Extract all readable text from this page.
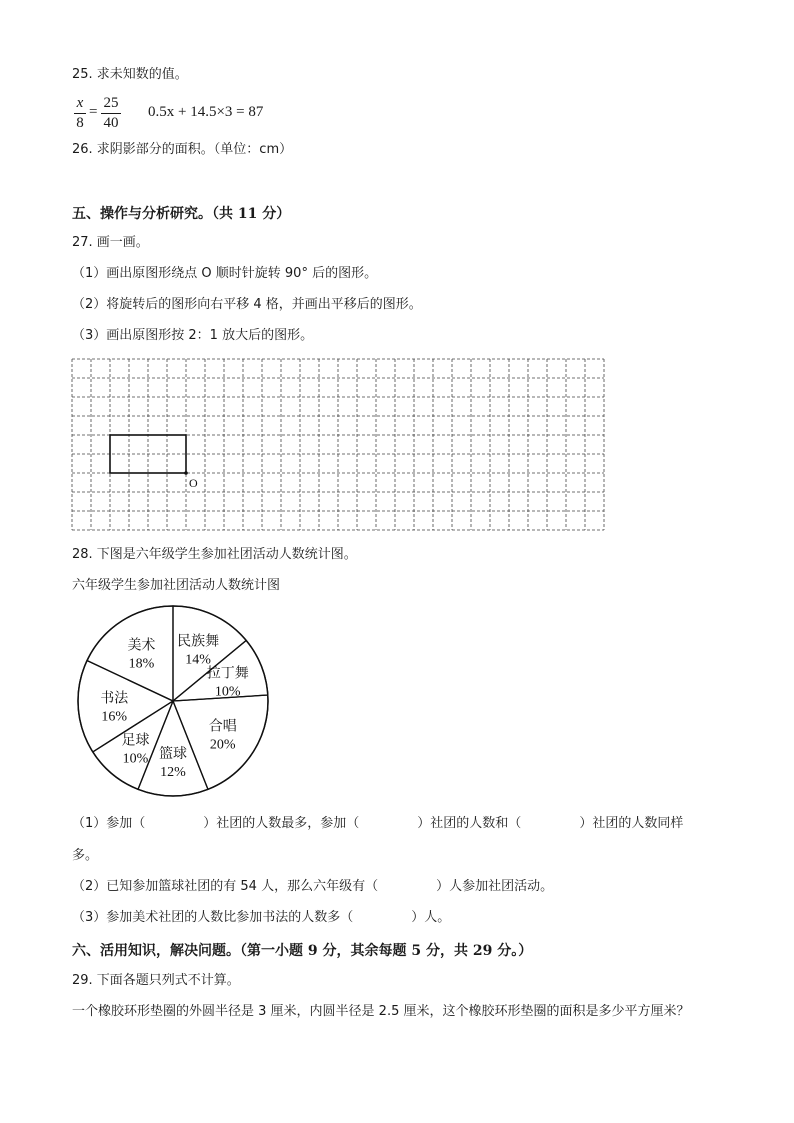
25. 求未知数的值。
x
8
=
25
40
0.5x + 14.5×3 = 87
26. 求阴影部分的面积。（单位：cm）
五、操作与分析研究。（共 11 分）
27. 画一画。
（1）画出原图形绕点 O 顺时针旋转 90° 后的图形。
（2）将旋转后的图形向右平移 4 格，并画出平移后的图形。
（3）画出原图形按 2：1 放大后的图形。
O
28. 下图是六年级学生参加社团活动人数统计图。
六年级学生参加社团活动人数统计图
民族舞
14%
拉丁舞
10%
合唱
20%
篮球
12%
足球
10%
书法
16%
美术
18%
（1）参加（	）社团的人数最多，参加（	）社团的人数和（	）社团的人数同样
多。
（2）已知参加篮球社团的有 54 人，那么六年级有（	）人参加社团活动。
（3）参加美术社团的人数比参加书法的人数多（	）人。
六、活用知识，解决问题。（第一小题 9 分，其余每题 5 分，共 29 分。）
29. 下面各题只列式不计算。
一个橡胶环形垫圈的外圆半径是 3 厘米，内圆半径是 2.5 厘米，这个橡胶环形垫圈的面积是多少平方厘米？
